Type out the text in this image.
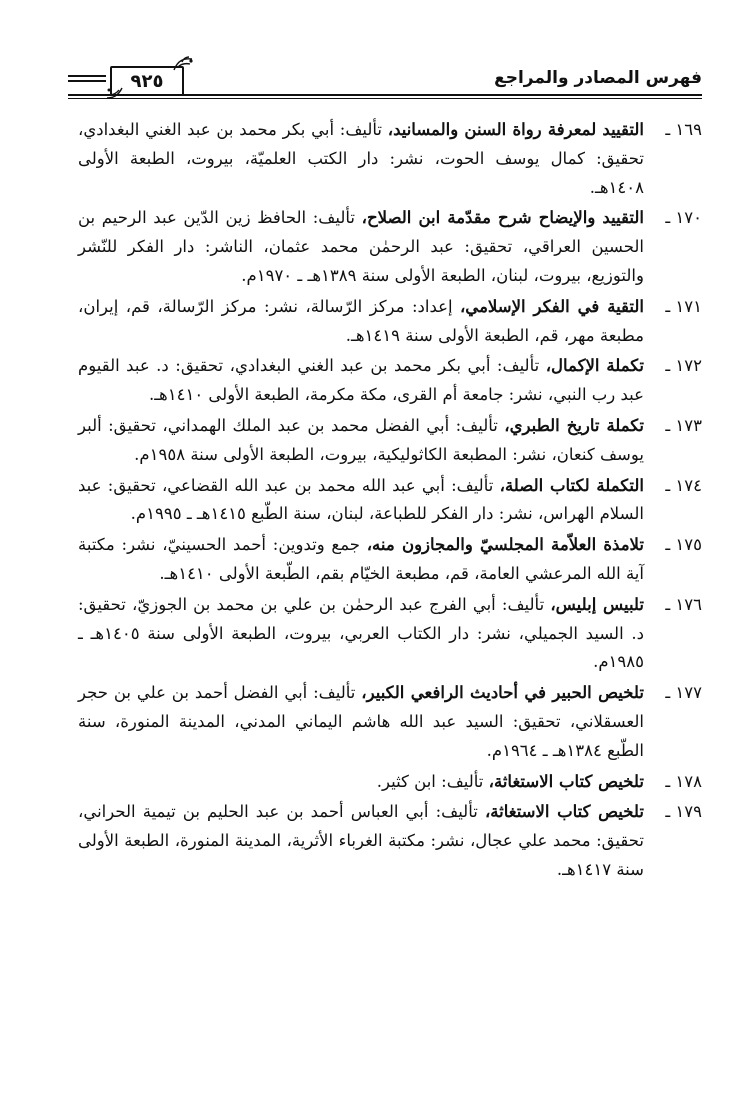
فهرس المصادر والمراجع
٩٢٥
١٦٩ ـ
التقييد لمعرفة رواة السنن والمسانيد، تأليف: أبي بكر محمد بن عبد الغني البغدادي، تحقيق: كمال يوسف الحوت، نشر: دار الكتب العلميّة، بيروت، الطبعة الأولى ١٤٠٨هـ.
١٧٠ ـ
التقييد والإيضاح شرح مقدّمة ابن الصلاح، تأليف: الحافظ زين الدّين عبد الرحيم بن الحسين العراقي، تحقيق: عبد الرحمٰن محمد عثمان، الناشر: دار الفكر للنّشر والتوزيع، بيروت، لبنان، الطبعة الأولى سنة ١٣٨٩هـ ـ ١٩٧٠م.
١٧١ ـ
التقية في الفكر الإسلامي، إعداد: مركز الرّسالة، نشر: مركز الرّسالة، قم، إيران، مطبعة مهر، قم، الطبعة الأولى سنة ١٤١٩هـ.
١٧٢ ـ
تكملة الإكمال، تأليف: أبي بكر محمد بن عبد الغني البغدادي، تحقيق: د. عبد القيوم عبد رب النبي، نشر: جامعة أم القرى، مكة مكرمة، الطبعة الأولى ١٤١٠هـ.
١٧٣ ـ
تكملة تاريخ الطبري، تأليف: أبي الفضل محمد بن عبد الملك الهمداني، تحقيق: ألبر يوسف كنعان، نشر: المطبعة الكاثوليكية، بيروت، الطبعة الأولى سنة ١٩٥٨م.
١٧٤ ـ
التكملة لكتاب الصلة، تأليف: أبي عبد الله محمد بن عبد الله القضاعي، تحقيق: عبد السلام الهراس، نشر: دار الفكر للطباعة، لبنان، سنة الطّبع ١٤١٥هـ ـ ١٩٩٥م.
١٧٥ ـ
تلامذة العلاّمة المجلسيّ والمجازون منه، جمع وتدوين: أحمد الحسينيّ، نشر: مكتبة آية الله المرعشي العامة، قم، مطبعة الخيّام بقم، الطّبعة الأولى ١٤١٠هـ.
١٧٦ ـ
تلبيس إبليس، تأليف: أبي الفرج عبد الرحمٰن بن علي بن محمد بن الجوزيّ، تحقيق: د. السيد الجميلي، نشر: دار الكتاب العربي، بيروت، الطبعة الأولى سنة ١٤٠٥هـ ـ ١٩٨٥م.
١٧٧ ـ
تلخيص الحبير في أحاديث الرافعي الكبير، تأليف: أبي الفضل أحمد بن علي بن حجر العسقلاني، تحقيق: السيد عبد الله هاشم اليماني المدني، المدينة المنورة، سنة الطّبع ١٣٨٤هـ ـ ١٩٦٤م.
١٧٨ ـ
تلخيص كتاب الاستغاثة، تأليف: ابن كثير.
١٧٩ ـ
تلخيص كتاب الاستغاثة، تأليف: أبي العباس أحمد بن عبد الحليم بن تيمية الحراني، تحقيق: محمد علي عجال، نشر: مكتبة الغرباء الأثرية، المدينة المنورة، الطبعة الأولى سنة ١٤١٧هـ.
